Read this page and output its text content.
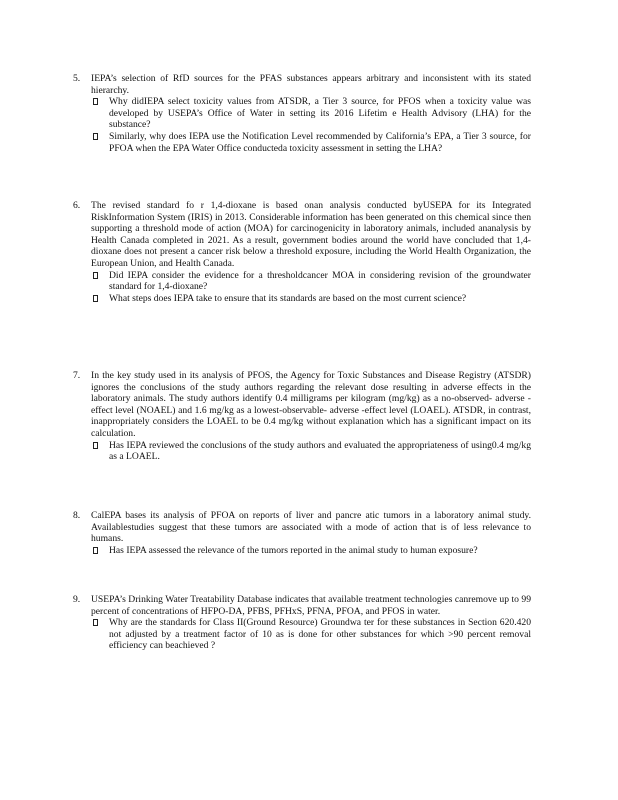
5.	IEPA’s selection of RfD sources for the PFAS substances appears arbitrary and inconsistent with its stated hierarchy.
Why didIEPA select toxicity values from ATSDR, a Tier 3 source, for PFOS when a toxicity value was developed by USEPA’s Office of Water in setting its 2016 Lifetim e Health Advisory (LHA) for the substance?
Similarly, why does IEPA use the Notification Level recommended by California’s EPA, a Tier 3 source, for PFOA when the EPA Water Office conducteda toxicity assessment in setting the LHA?
6.	The revised standard fo r 1,4-dioxane is based onan analysis conducted byUSEPA for its Integrated RiskInformation System (IRIS) in 2013. Considerable information has been generated on this chemical since then supporting a threshold mode of action (MOA) for carcinogenicity in laboratory animals, included ananalysis by Health Canada completed in 2021. As a result, government bodies around the world have concluded that 1,4-dioxane does not present a cancer risk below a threshold exposure, including the World Health Organization, the European Union, and Health Canada.
Did IEPA consider the evidence for a thresholdcancer MOA in considering revision of the groundwater standard for 1,4-dioxane?
What steps does IEPA take to ensure that its standards are based on the most current science?
7.	In the key study used in its analysis of PFOS, the Agency for Toxic Substances and Disease Registry (ATSDR) ignores the conclusions of the study authors regarding the relevant dose resulting in adverse effects in the laboratory animals. The study authors identify 0.4 milligrams per kilogram (mg/kg) as a no-observed- adverse -effect level (NOAEL) and 1.6 mg/kg as a lowest-observable- adverse -effect level (LOAEL). ATSDR, in contrast, inappropriately considers the LOAEL to be 0.4 mg/kg without explanation which has a significant impact on its calculation.
Has IEPA reviewed the conclusions of the study authors and evaluated the appropriateness of using0.4 mg/kg as a LOAEL.
8.	CalEPA bases its analysis of PFOA on reports of liver and pancre atic tumors in a laboratory animal study. Availablestudies suggest that these tumors are associated with a mode of action that is of less relevance to humans.
Has IEPA assessed the relevance of the tumors reported in the animal study to human exposure?
9.	USEPA’s Drinking Water Treatability Database indicates that available treatment technologies canremove up to 99 percent of concentrations of HFPO-DA, PFBS, PFHxS, PFNA, PFOA, and PFOS in water.
Why are the standards for Class II(Ground Resource) Groundwa ter for these substances in Section 620.420 not adjusted by a treatment factor of 10 as is done for other substances for which >90 percent removal efficiency can beachieved ?
